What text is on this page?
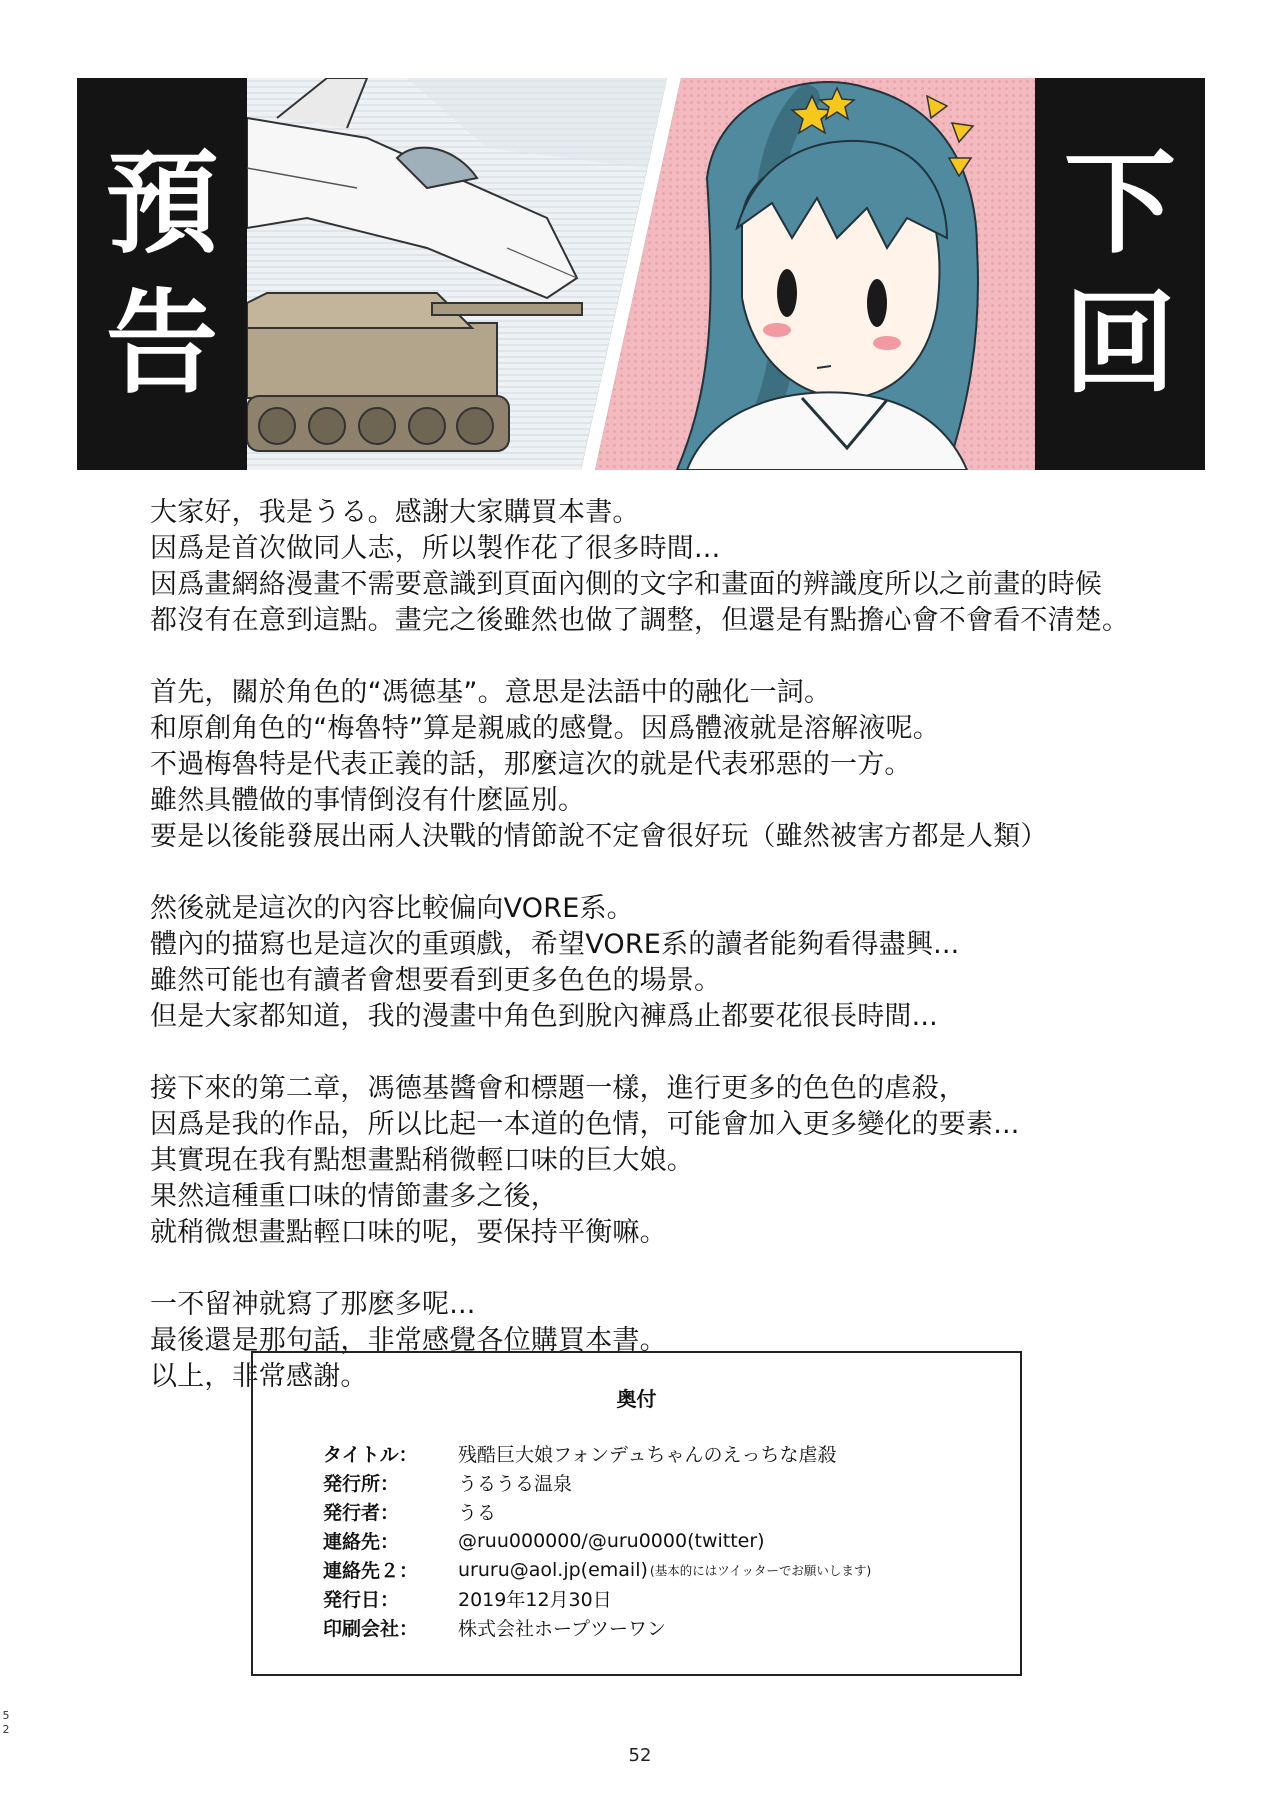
預
告
下
回
大家好，我是うる。感謝大家購買本書。
因爲是首次做同人志，所以製作花了很多時間...
因爲畫網絡漫畫不需要意識到頁面內側的文字和畫面的辨識度所以之前畫的時候
都沒有在意到這點。畫完之後雖然也做了調整，但還是有點擔心會不會看不清楚。
首先，關於角色的“馮德基”。意思是法語中的融化一詞。
和原創角色的“梅魯特”算是親戚的感覺。因爲體液就是溶解液呢。
不過梅魯特是代表正義的話，那麼這次的就是代表邪惡的一方。
雖然具體做的事情倒沒有什麽區別。
要是以後能發展出兩人決戰的情節說不定會很好玩（雖然被害方都是人類）
然後就是這次的內容比較偏向VORE系。
體內的描寫也是這次的重頭戲，希望VORE系的讀者能夠看得盡興...
雖然可能也有讀者會想要看到更多色色的場景。
但是大家都知道，我的漫畫中角色到脫內褲爲止都要花很長時間...
接下來的第二章，馮德基醬會和標題一樣，進行更多的色色的虐殺，
因爲是我的作品，所以比起一本道的色情，可能會加入更多變化的要素...
其實現在我有點想畫點稍微輕口味的巨大娘。
果然這種重口味的情節畫多之後，
就稍微想畫點輕口味的呢，要保持平衡嘛。
一不留神就寫了那麽多呢...
最後還是那句話，非常感覺各位購買本書。
以上，非常感謝。
奥付
タイトル：	残酷巨大娘フォンデュちゃんのえっちな虐殺
発行所：	うるうる温泉
発行者：	うる
連絡先：	@ruu000000/@uru0000(twitter)
連絡先２：	ururu@aol.jp(email) (基本的にはツイッターでお願いします)
発行日：	2019年12月30日
印刷会社：	株式会社ホープツーワン
5
2
52
